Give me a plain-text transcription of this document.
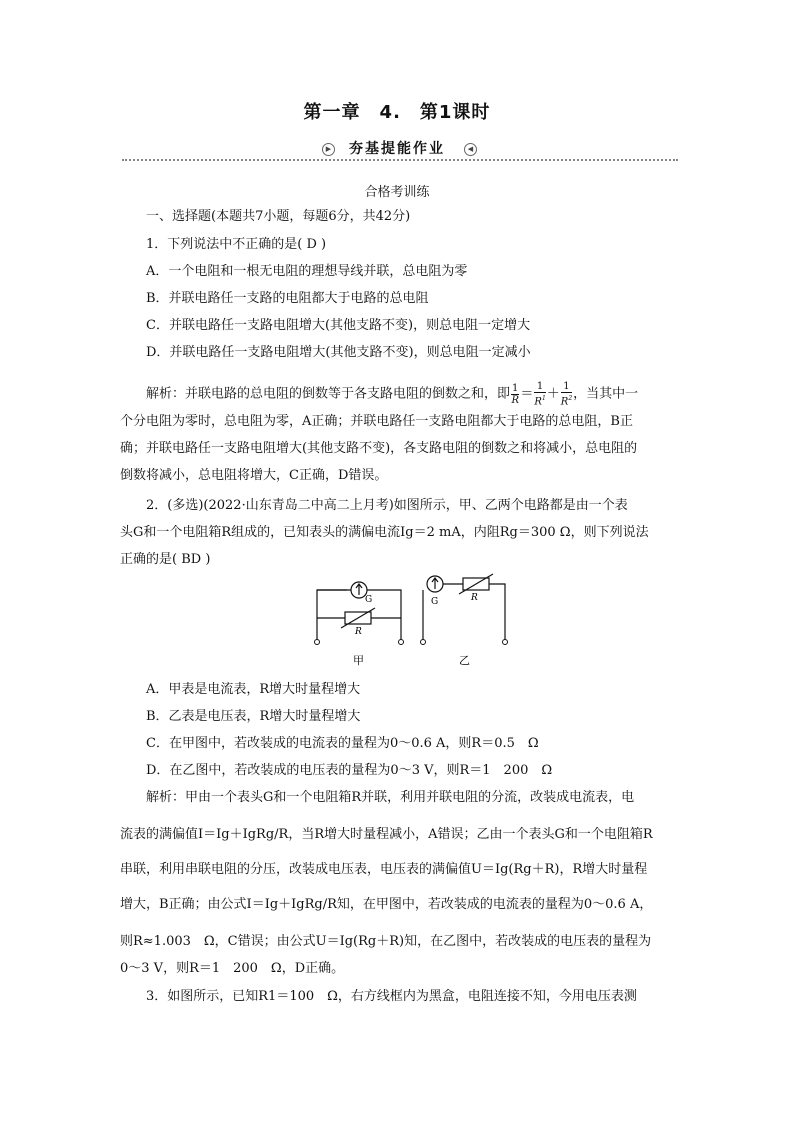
第一章　4.　第1课时
▶	夯基提能作业	◀
合格考训练
一、选择题(本题共7小题，每题6分，共42分)
1．下列说法中不正确的是( D )
A．一个电阻和一根无电阻的理想导线并联，总电阻为零
B．并联电路任一支路的电阻都大于电路的总电阻
C．并联电路任一支路电阻增大(其他支路不变)，则总电阻一定增大
D．并联电路任一支路电阻增大(其他支路不变)，则总电阻一定减小
解析：并联电路的总电阻的倒数等于各支路电阻的倒数之和，即 $\frac{1}{R} = \frac{1}{R^1} + \frac{1}{R^2}$ ，当其中一
个分电阻为零时，总电阻为零，A正确；并联电路任一支路电阻都大于电路的总电阻，B正
确；并联电路任一支路电阻增大(其他支路不变)，各支路电阻的倒数之和将减小，总电阻的
倒数将减小，总电阻将增大，C正确，D错误。
2．(多选)(2022·山东青岛二中高二上月考)如图所示，甲、乙两个电路都是由一个表
头G和一个电阻箱R组成的，已知表头的满偏电流Ig＝2 mA，内阻Rg＝300 Ω，则下列说法
正确的是( BD )
G
R
G	R
甲	乙
A．甲表是电流表，R增大时量程增大
B．乙表是电压表，R增大时量程增大
C．在甲图中，若改装成的电流表的量程为0～0.6 A，则R＝0.5　Ω
D．在乙图中，若改装成的电压表的量程为0～3 V，则R＝1　200　Ω
解析：甲由一个表头G和一个电阻箱R并联，利用并联电阻的分流，改装成电流表，电
流表的满偏值I＝Ig＋IgRg/R，当R增大时量程减小，A错误；乙由一个表头G和一个电阻箱R
串联，利用串联电阻的分压，改装成电压表，电压表的满偏值U＝Ig(Rg＋R)，R增大时量程
增大，B正确；由公式I＝Ig＋IgRg/R知，在甲图中，若改装成的电流表的量程为0～0.6 A，
则R≈1.003　Ω，C错误；由公式U＝Ig(Rg＋R)知，在乙图中，若改装成的电压表的量程为
0～3 V，则R＝1　200　Ω，D正确。
3．如图所示，已知R1＝100　Ω，右方线框内为黑盒，电阻连接不知，今用电压表测
